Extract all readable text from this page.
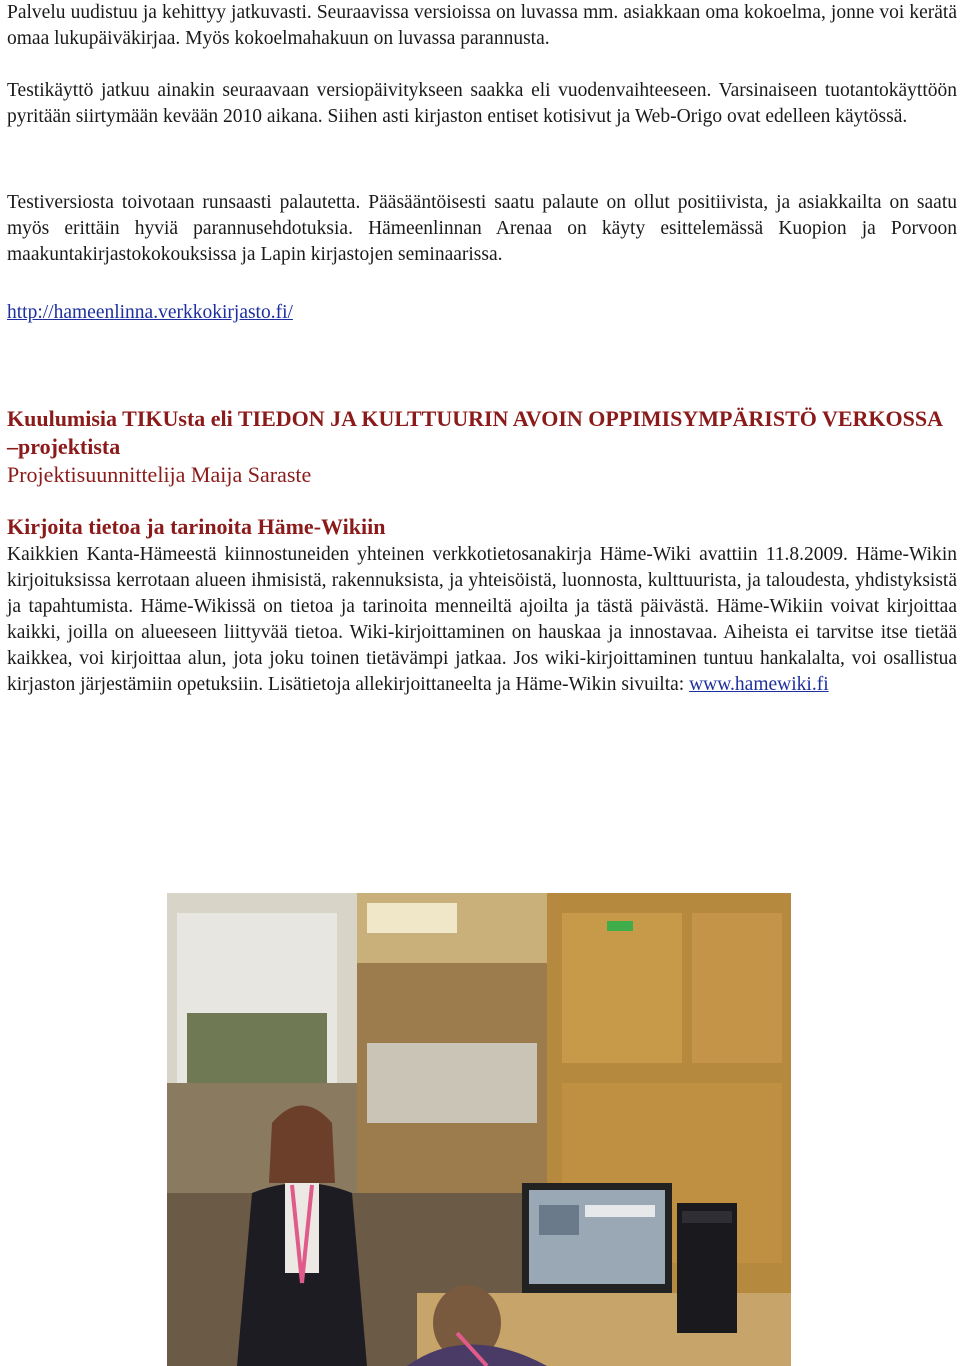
Palvelu uudistuu ja kehittyy jatkuvasti. Seuraavissa versioissa on luvassa mm. asiakkaan oma kokoelma, jonne voi kerätä omaa lukupäiväkirjaa. Myös kokoelmahakuun on luvassa parannusta.

Testikäyttö jatkuu ainakin seuraavaan versiopäivitykseen saakka eli vuodenvaihteeseen. Varsinaiseen tuotantokäyttöön pyritään siirtymään kevään 2010 aikana. Siihen asti kirjaston entiset kotisivut ja Web-Origo ovat edelleen käytössä.

Testiversiosta toivotaan runsaasti palautetta. Pääsääntöisesti saatu palaute on ollut positiivista, ja asiakkailta on saatu myös erittäin hyviä parannusehdotuksia. Hämeenlinnan Arenaa on käyty esittelemässä Kuopion ja Porvoon maakuntakirjastokokouksissa ja Lapin kirjastojen seminaarissa.

http://hameenlinna.verkkokirjasto.fi/

Kuulumisia TIKUsta eli TIEDON JA KULTTUURIN AVOIN OPPIMISYMPÄRISTÖ VERKOSSA –projektista

Projektisuunnittelija Maija Saraste

Kirjoita tietoa ja tarinoita Häme-Wikiin

Kaikkien Kanta-Hämeestä kiinnostuneiden yhteinen verkkotietosanakirja Häme-Wiki avattiin 11.8.2009. Häme-Wikin kirjoituksissa kerrotaan alueen ihmisistä, rakennuksista, ja yhteisöistä, luonnosta, kulttuurista, ja taloudesta, yhdistyksistä ja tapahtumista. Häme-Wikissä on tietoa ja tarinoita menneiltä ajoilta ja tästä päivästä. Häme-Wikiin voivat kirjoittaa kaikki, joilla on alueeseen liittyvää tietoa. Wiki-kirjoittaminen on hauskaa ja innostavaa. Aiheista ei tarvitse itse tietää kaikkea, voi kirjoittaa alun, jota joku toinen tietävämpi jatkaa. Jos wiki-kirjoittaminen tuntuu hankalalta, voi osallistua kirjaston järjestämiin opetuksiin. Lisätietoja allekirjoittaneelta ja Häme-Wikin sivuilta: www.hamewiki.fi
